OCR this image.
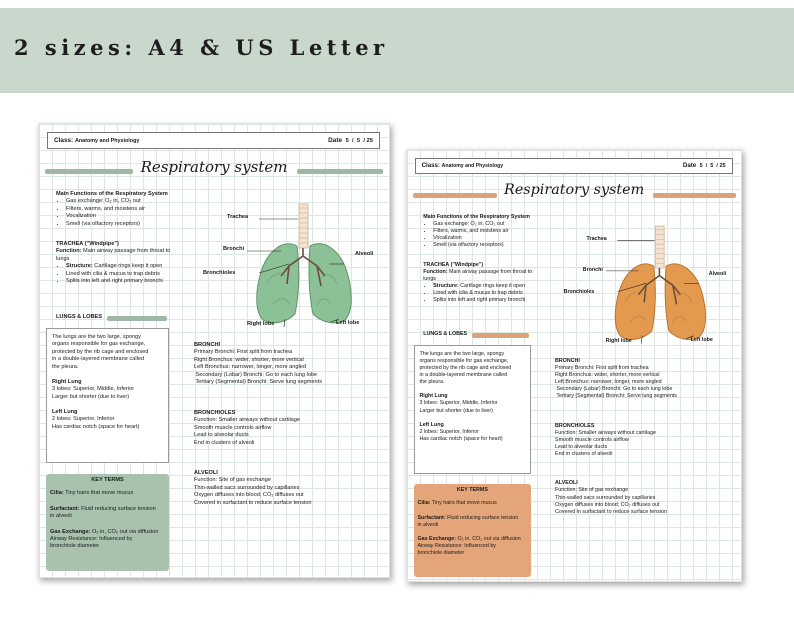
2 sizes: A4 & US Letter
Class:
Anatomy and Physiology	Date
5  /  5  / 25
Respiratory system
Main Functions of the Respiratory System
• Gas exchange: O₂ in, CO₂ out
• Filters, warms, and moistens air
• Vocalization
• Smell (via olfactory receptors)
TRACHEA ("Windpipe")
Function: Main airway passage from throat to
lungs
• Structure: Cartilage rings keep it open
• Lined with cilia & mucus to trap debris
• Splits into left and right primary bronchi
Trachea
Bronchi
Bronchioles
Alveoli
Right lobe	Left lobe
LUNGS & LOBES
The lungs are the two large, spongy
organs responsible for gas exchange,
protected by the rib cage and enclosed
in a double-layered membrane called
the pleura.
Right Lung
3 lobes: Superior, Middle, Inferior
Larger but shorter (due to liver)
Left Lung
2 lobes: Superior, Inferior
Has cardiac notch (space for heart)
KEY TERMS
Cilia: Tiny hairs that move mucus
Surfactant: Fluid reducing surface tension
in alveoli
Gas Exchange: O₂ in, CO₂ out via diffusion
Airway Resistance: Influenced by
bronchiole diameter
BRONCHI
Primary Bronchi: First split from trachea
Right Bronchus: wider, shorter, more vertical
Left Bronchus: narrower, longer, more angled
Secondary (Lobar) Bronchi: Go to each lung lobe
Tertiary (Segmental) Bronchi: Serve lung segments
BRONCHIOLES
Function: Smaller airways without cartilage
Smooth muscle controls airflow
Lead to alveolar ducts
End in clusters of alveoli
ALVEOLI
Function: Site of gas exchange
Thin-walled sacs surrounded by capillaries
Oxygen diffuses into blood; CO₂ diffuses out
Covered in surfactant to reduce surface tension
Class:
Anatomy and Physiology	Date
5  /  5  / 25
Respiratory system
Main Functions of the Respiratory System
• Gas exchange: O₂ in, CO₂ out
• Filters, warms, and moistens air
• Vocalization
• Smell (via olfactory receptors)
TRACHEA ("Windpipe")
Function: Main airway passage from throat to
lungs
• Structure: Cartilage rings keep it open
• Lined with cilia & mucus to trap debris
• Splits into left and right primary bronchi
Trachea
Bronchi
Bronchioles
Alveoli
Right lobe	Left lobe
LUNGS & LOBES
The lungs are the two large, spongy
organs responsible for gas exchange,
protected by the rib cage and enclosed
in a double-layered membrane called
the pleura.
Right Lung
3 lobes: Superior, Middle, Inferior
Larger but shorter (due to liver)
Left Lung
2 lobes: Superior, Inferior
Has cardiac notch (space for heart)
KEY TERMS
Cilia: Tiny hairs that move mucus
Surfactant: Fluid reducing surface tension
in alveoli
Gas Exchange: O₂ in, CO₂ out via diffusion
Airway Resistance: Influenced by
bronchiole diameter
BRONCHI
Primary Bronchi: First split from trachea
Right Bronchus: wider, shorter, more vertical
Left Bronchus: narrower, longer, more angled
Secondary (Lobar) Bronchi: Go to each lung lobe
Tertiary (Segmental) Bronchi: Serve lung segments
BRONCHIOLES
Function: Smaller airways without cartilage
Smooth muscle controls airflow
Lead to alveolar ducts
End in clusters of alveoli
ALVEOLI
Function: Site of gas exchange
Thin-walled sacs surrounded by capillaries
Oxygen diffuses into blood; CO₂ diffuses out
Covered in surfactant to reduce surface tension
